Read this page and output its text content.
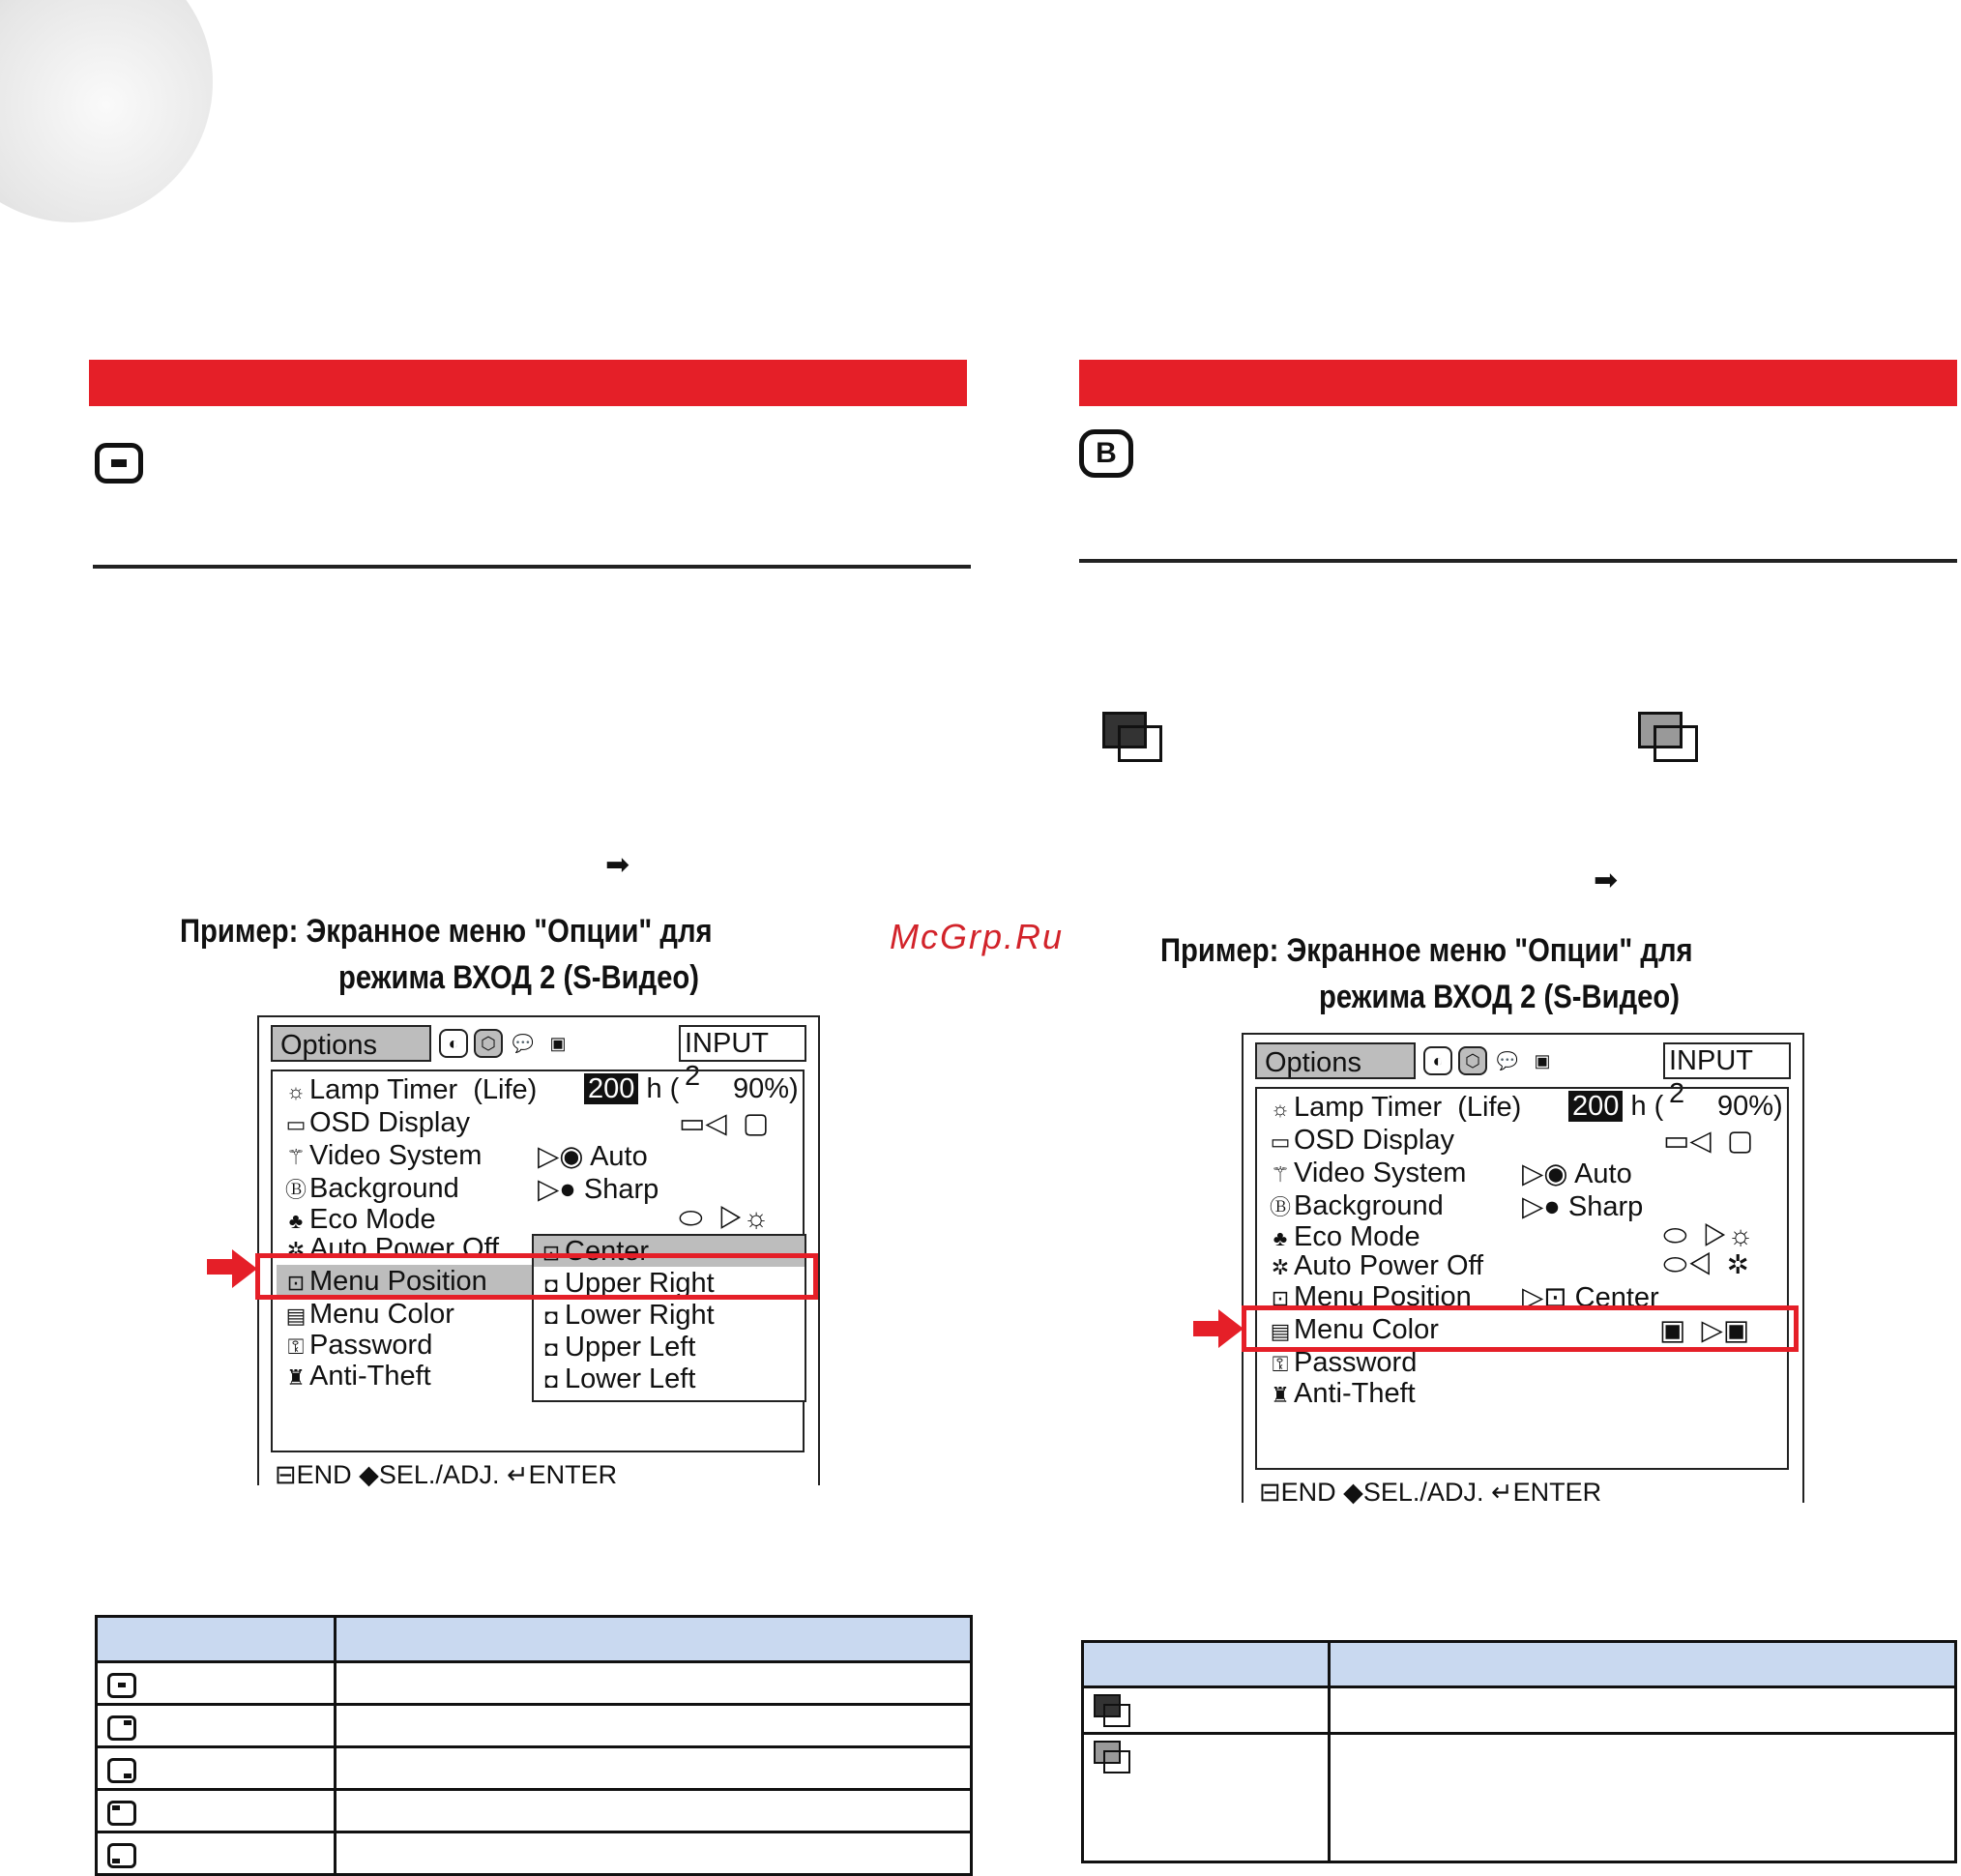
B
➡	➡
McGrp.Ru
Пример: Экранное меню "Опции" для
режима ВХОД 2 (S-Видео)
Пример: Экранное меню "Опции" для
режима ВХОД 2 (S-Видео)
Options	◐	⬡ 💬 ▣	INPUT 2
☼ Lamp Timer (Life) 200 h ( 90%)
▭ OSD Display	▭◁  ▢
⚚ Video System ▷◉ Auto
Ⓑ Background	▷● Sharp
♣ Eco Mode	⬭  ▷☼
✲ Auto Power Off
⊡ Menu Position
▤ Menu Color
⚿ Password
♜ Anti-Theft
⊡ Center
◘ Upper Right
◘ Lower Right
◘ Upper Left
◘ Lower Left
⊟END ◆SEL./ADJ. ↵ENTER
Options	◐	⬡ 💬 ▣	INPUT 2
☼ Lamp Timer (Life) 200 h ( 90%)
▭ OSD Display	▭◁  ▢
⚚ Video System ▷◉ Auto
Ⓑ Background	▷● Sharp
♣ Eco Mode	⬭  ▷☼
✲ Auto Power Off	⬭◁  ✲
⊡ Menu Position ▷⊡ Center
▤ Menu Color	▣  ▷▣
⚿ Password
♜ Anti-Theft
⊟END ◆SEL./ADJ. ↵ENTER
